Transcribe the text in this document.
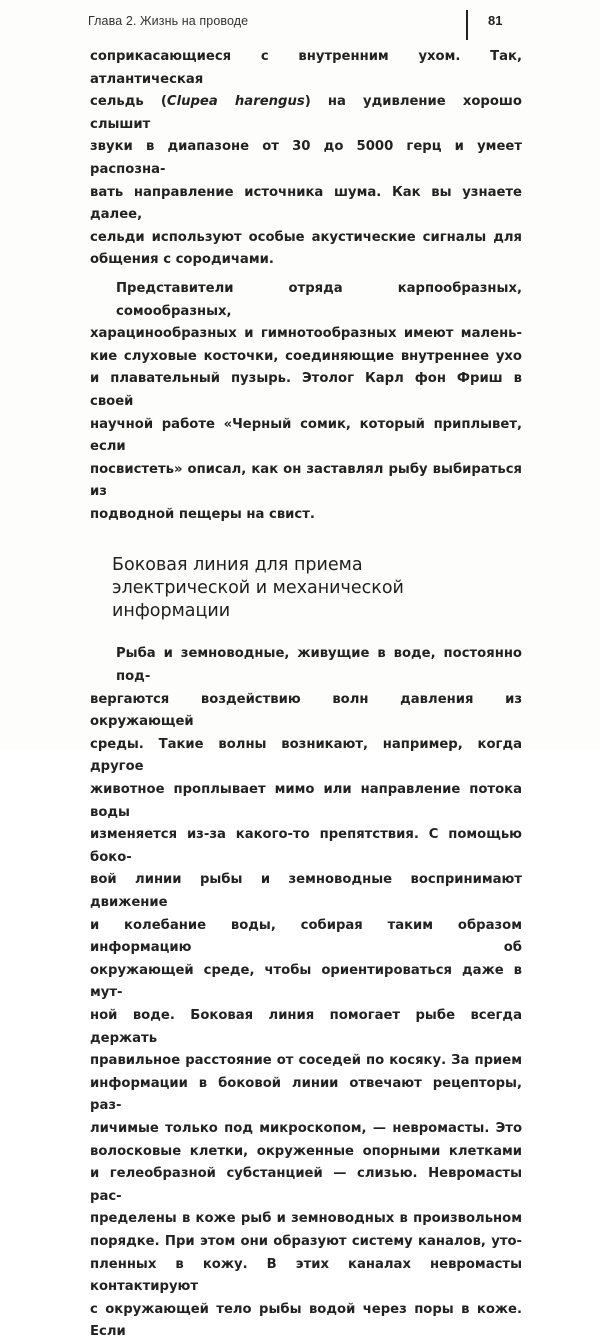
Глава 2. Жизнь на проводе	81

соприкасающиеся с внутренним ухом. Так, атлантическая
сельдь (Clupea harengus) на удивление хорошо слышит
звуки в диапазоне от 30 до 5000 герц и умеет распозна-
вать направление источника шума. Как вы узнаете далее,
сельди используют особые акустические сигналы для
общения с сородичами.

Представители отряда карпообразных, сомообразных,
харацинообразных и гимнотообразных имеют малень-
кие слуховые косточки, соединяющие внутреннее ухо
и плавательный пузырь. Этолог Карл фон Фриш в своей
научной работе «Черный сомик, который приплывет, если
посвистеть» описал, как он заставлял рыбу выбираться из
подводной пещеры на свист.

Боковая линия для приема
электрической и механической
информации

Рыба и земноводные, живущие в воде, постоянно под-
вергаются воздействию волн давления из окружающей
среды. Такие волны возникают, например, когда другое
животное проплывает мимо или направление потока воды
изменяется из-за какого-то препятствия. С помощью боко-
вой линии рыбы и земноводные воспринимают движение
и колебание воды, собирая таким образом информацию об
окружающей среде, чтобы ориентироваться даже в мут-
ной воде. Боковая линия помогает рыбе всегда держать
правильное расстояние от соседей по косяку. За прием
информации в боковой линии отвечают рецепторы, раз-
личимые только под микроскопом, — невромасты. Это
волосковые клетки, окруженные опорными клетками
и гелеобразной субстанцией — слизью. Невромасты рас-
пределены в коже рыб и земноводных в произвольном
порядке. При этом они образуют систему каналов, уто-
пленных в кожу. В этих каналах невромасты контактируют
с окружающей тело рыбы водой через поры в коже. Если
